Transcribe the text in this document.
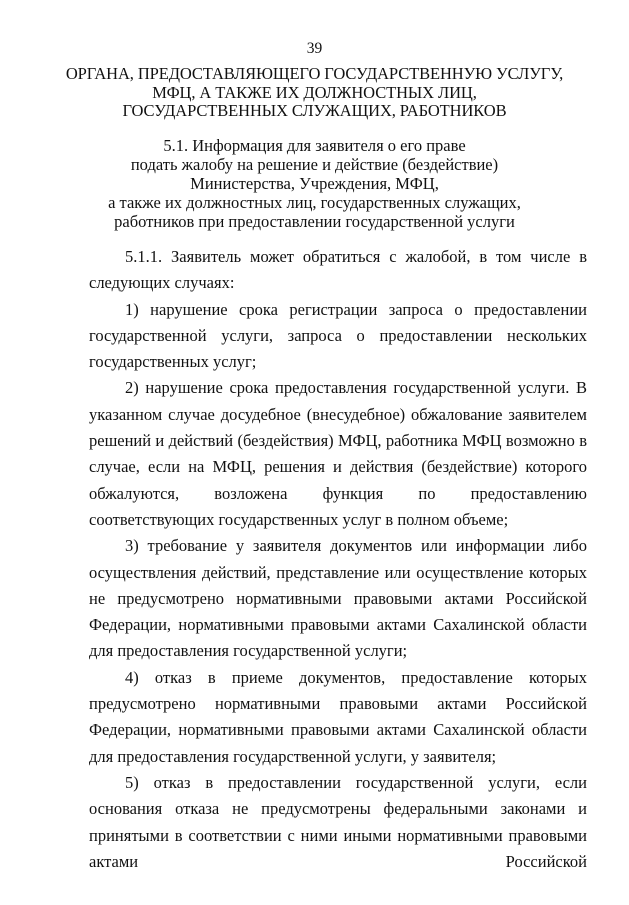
39
ОРГАНА, ПРЕДОСТАВЛЯЮЩЕГО ГОСУДАРСТВЕННУЮ УСЛУГУ,
МФЦ, А ТАКЖЕ ИХ ДОЛЖНОСТНЫХ ЛИЦ,
ГОСУДАРСТВЕННЫХ СЛУЖАЩИХ, РАБОТНИКОВ
5.1. Информация для заявителя о его праве
подать жалобу на решение и действие (бездействие)
Министерства, Учреждения, МФЦ,
а также их должностных лиц, государственных служащих,
работников при предоставлении государственной услуги

5.1.1. Заявитель может обратиться с жалобой, в том числе в следующих случаях:

1) нарушение срока регистрации запроса о предоставлении государственной услуги, запроса о предоставлении нескольких государственных услуг;

2) нарушение срока предоставления государственной услуги. В указанном случае досудебное (внесудебное) обжалование заявителем решений и действий (бездействия) МФЦ, работника МФЦ возможно в случае, если на МФЦ, решения и действия (бездействие) которого обжалуются, возложена функция по предоставлению соответствующих государственных услуг в полном объеме;

3) требование у заявителя документов или информации либо осуществления действий, представление или осуществление которых не предусмотрено нормативными правовыми актами Российской Федерации, нормативными правовыми актами Сахалинской области для предоставления государственной услуги;

4) отказ в приеме документов, предоставление которых предусмотрено нормативными правовыми актами Российской Федерации, нормативными правовыми актами Сахалинской области для предоставления государственной услуги, у заявителя;

5) отказ в предоставлении государственной услуги, если основания отказа не предусмотрены федеральными законами и принятыми в соответствии с ними иными нормативными правовыми актами Российской
